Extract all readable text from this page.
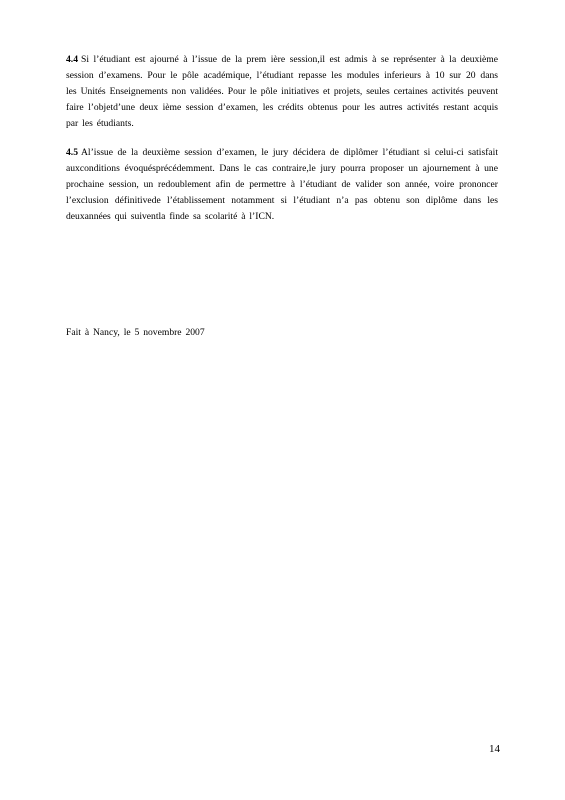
4.4 Si l’étudiant est ajourné à l’issue de la prem ière session,il est admis à se représenter à la deuxième session d’examens. Pour le pôle académique, l’étudiant repasse les modules inferieurs à 10 sur 20 dans les Unités Enseignements non validées. Pour le pôle initiatives et projets, seules certaines activités peuvent faire l’objetd’une deux ième session d’examen, les crédits obtenus pour les autres activités restant acquis par les étudiants.

4.5 Al’issue de la deuxième session d’examen, le jury décidera de diplômer l’étudiant si celui-ci satisfait auxconditions évoquésprécédemment. Dans le cas contraire,le jury pourra proposer un ajournement à une prochaine session, un redoublement afin de permettre à l’étudiant de valider son année, voire prononcer l’exclusion définitivede l’établissement notamment si l’étudiant n’a pas obtenu son diplôme dans les deuxannées qui suiventla finde sa scolarité à l’ICN.

Fait à Nancy, le 5 novembre 2007
14
